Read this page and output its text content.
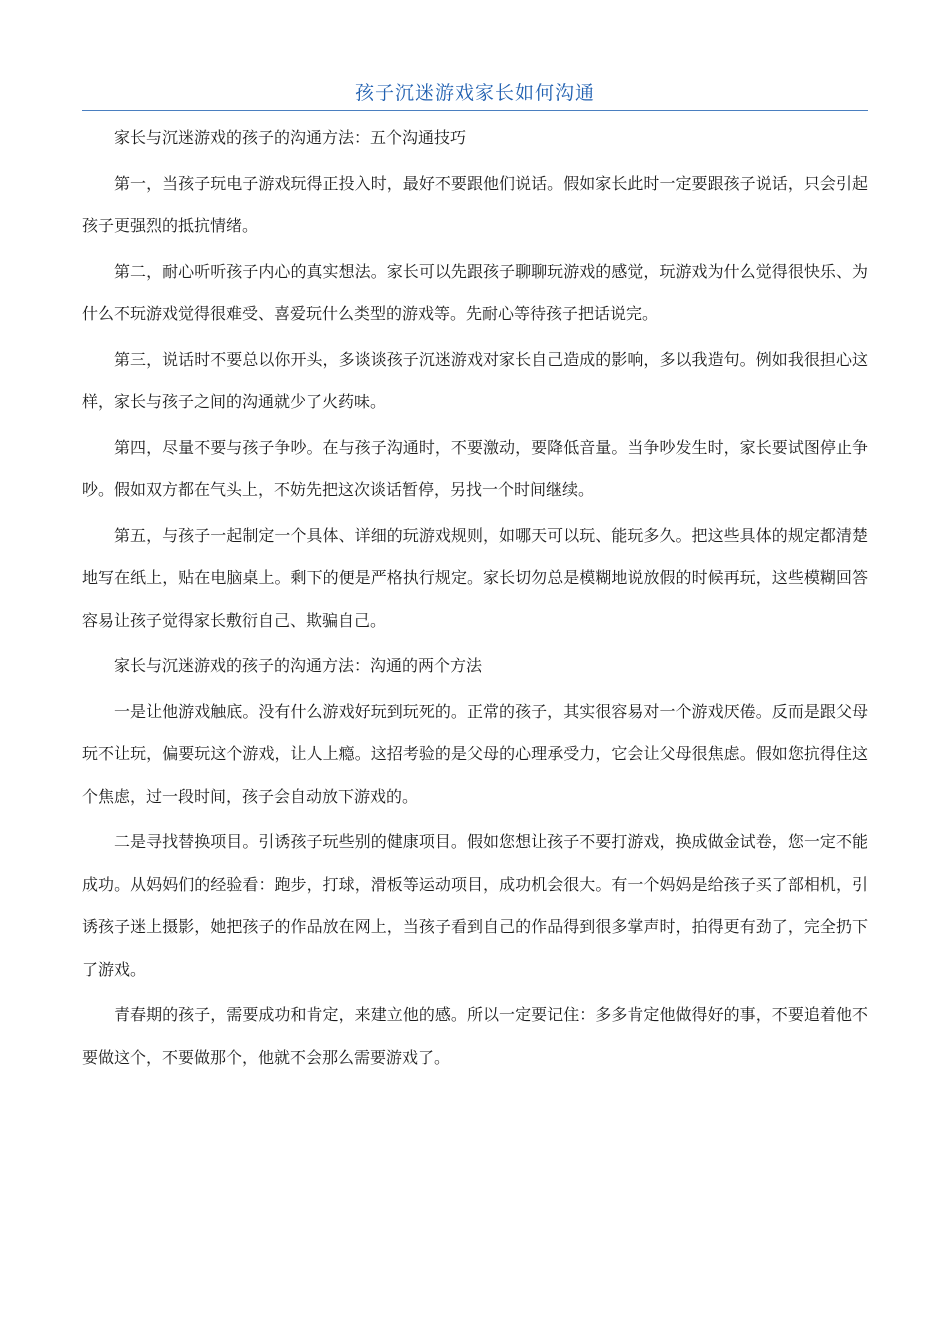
孩子沉迷游戏家长如何沟通

家长与沉迷游戏的孩子的沟通方法：五个沟通技巧

第一，当孩子玩电子游戏玩得正投入时，最好不要跟他们说话。假如家长此时一定要跟孩子说话，只会引起孩子更强烈的抵抗情绪。

第二，耐心听听孩子内心的真实想法。家长可以先跟孩子聊聊玩游戏的感觉，玩游戏为什么觉得很快乐、为什么不玩游戏觉得很难受、喜爱玩什么类型的游戏等。先耐心等待孩子把话说完。

第三，说话时不要总以你开头，多谈谈孩子沉迷游戏对家长自己造成的影响，多以我造句。例如我很担心这样，家长与孩子之间的沟通就少了火药味。

第四，尽量不要与孩子争吵。在与孩子沟通时，不要激动，要降低音量。当争吵发生时，家长要试图停止争吵。假如双方都在气头上，不妨先把这次谈话暂停，另找一个时间继续。

第五，与孩子一起制定一个具体、详细的玩游戏规则，如哪天可以玩、能玩多久。把这些具体的规定都清楚地写在纸上，贴在电脑桌上。剩下的便是严格执行规定。家长切勿总是模糊地说放假的时候再玩，这些模糊回答容易让孩子觉得家长敷衍自己、欺骗自己。

家长与沉迷游戏的孩子的沟通方法：沟通的两个方法

一是让他游戏触底。没有什么游戏好玩到玩死的。正常的孩子，其实很容易对一个游戏厌倦。反而是跟父母玩不让玩，偏要玩这个游戏，让人上瘾。这招考验的是父母的心理承受力，它会让父母很焦虑。假如您抗得住这个焦虑，过一段时间，孩子会自动放下游戏的。

二是寻找替换项目。引诱孩子玩些别的健康项目。假如您想让孩子不要打游戏，换成做金试卷，您一定不能成功。从妈妈们的经验看：跑步，打球，滑板等运动项目，成功机会很大。有一个妈妈是给孩子买了部相机，引诱孩子迷上摄影，她把孩子的作品放在网上，当孩子看到自己的作品得到很多掌声时，拍得更有劲了，完全扔下了游戏。

青春期的孩子，需要成功和肯定，来建立他的感。所以一定要记住：多多肯定他做得好的事，不要追着他不要做这个，不要做那个，他就不会那么需要游戏了。
